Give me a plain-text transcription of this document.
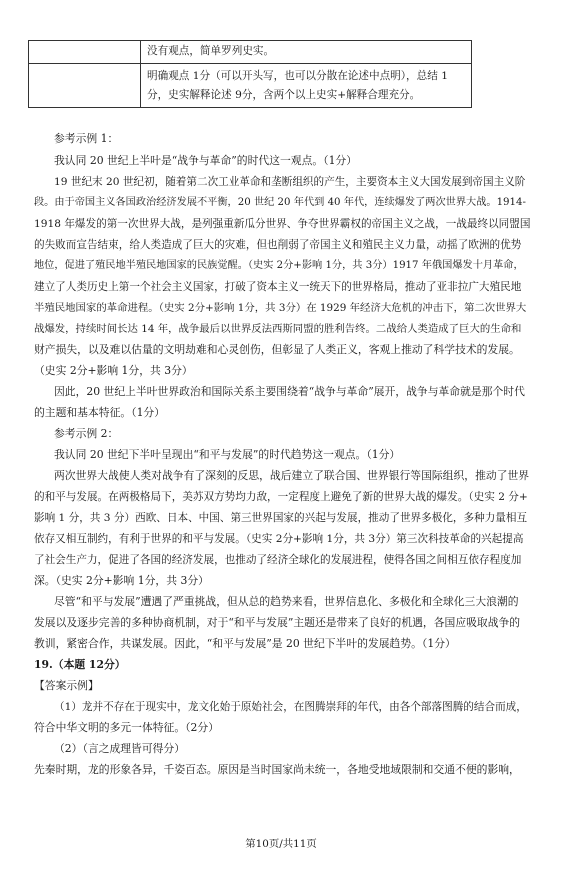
	没有观点，简单罗列史实。

	明确观点 1分（可以开头写，也可以分散在论述中点明），总结 1
分，史实解释论述 9分，含两个以上史实+解释合理充分。
参考示例 1：
我认同 20 世纪上半叶是“战争与革命”的时代这一观点。（1分）
19 世纪末 20 世纪初，随着第二次工业革命和垄断组织的产生，主要资本主义大国发展到帝国主义阶
段。由于帝国主义各国政治经济发展不平衡，20 世纪 20 年代到 40 年代，连续爆发了两次世界大战。1914-
1918 年爆发的第一次世界大战，是列强重新瓜分世界、争夺世界霸权的帝国主义之战，一战最终以同盟国
的失败而宣告结束，给人类造成了巨大的灾难，但也削弱了帝国主义和殖民主义力量，动摇了欧洲的优势
地位，促进了殖民地半殖民地国家的民族觉醒。（史实 2分+影响 1分，共 3分）1917 年俄国爆发十月革命，
建立了人类历史上第一个社会主义国家，打破了资本主义一统天下的世界格局，推动了亚非拉广大殖民地
半殖民地国家的革命进程。（史实 2分+影响 1分，共 3分）在 1929 年经济大危机的冲击下，第二次世界大
战爆发，持续时间长达 14 年，战争最后以世界反法西斯同盟的胜利告终。二战给人类造成了巨大的生命和
财产损失，以及难以估量的文明劫难和心灵创伤，但彰显了人类正义，客观上推动了科学技术的发展。
（史实 2分+影响 1分，共 3分）
因此，20 世纪上半叶世界政治和国际关系主要围绕着“战争与革命”展开，战争与革命就是那个时代
的主题和基本特征。（1分）
参考示例 2：
我认同 20 世纪下半叶呈现出“和平与发展”的时代趋势这一观点。（1分）
两次世界大战使人类对战争有了深刻的反思，战后建立了联合国、世界银行等国际组织，推动了世界
的和平与发展。在两极格局下，美苏双方势均力敌，一定程度上避免了新的世界大战的爆发。（史实 2 分+
影响 1 分，共 3 分）西欧、日本、中国、第三世界国家的兴起与发展，推动了世界多极化，多种力量相互
依存又相互制约，有利于世界的和平与发展。（史实 2分+影响 1分，共 3分）第三次科技革命的兴起提高
了社会生产力，促进了各国的经济发展，也推动了经济全球化的发展进程，使得各国之间相互依存程度加
深。（史实 2分+影响 1分，共 3分）
尽管“和平与发展”遭遇了严重挑战，但从总的趋势来看，世界信息化、多极化和全球化三大浪潮的
发展以及逐步完善的多种协商机制，对于“和平与发展”主题还是带来了良好的机遇，各国应吸取战争的
教训，紧密合作，共谋发展。因此，“和平与发展”是 20 世纪下半叶的发展趋势。（1分）
19.（本题 12分）
【答案示例】
（1）龙并不存在于现实中，龙文化始于原始社会，在图腾崇拜的年代，由各个部落图腾的结合而成，
符合中华文明的多元一体特征。（2分）
（2）（言之成理皆可得分）
先秦时期，龙的形象各异，千姿百态。原因是当时国家尚未统一，各地受地域限制和交通不便的影响，
第10页/共11页
